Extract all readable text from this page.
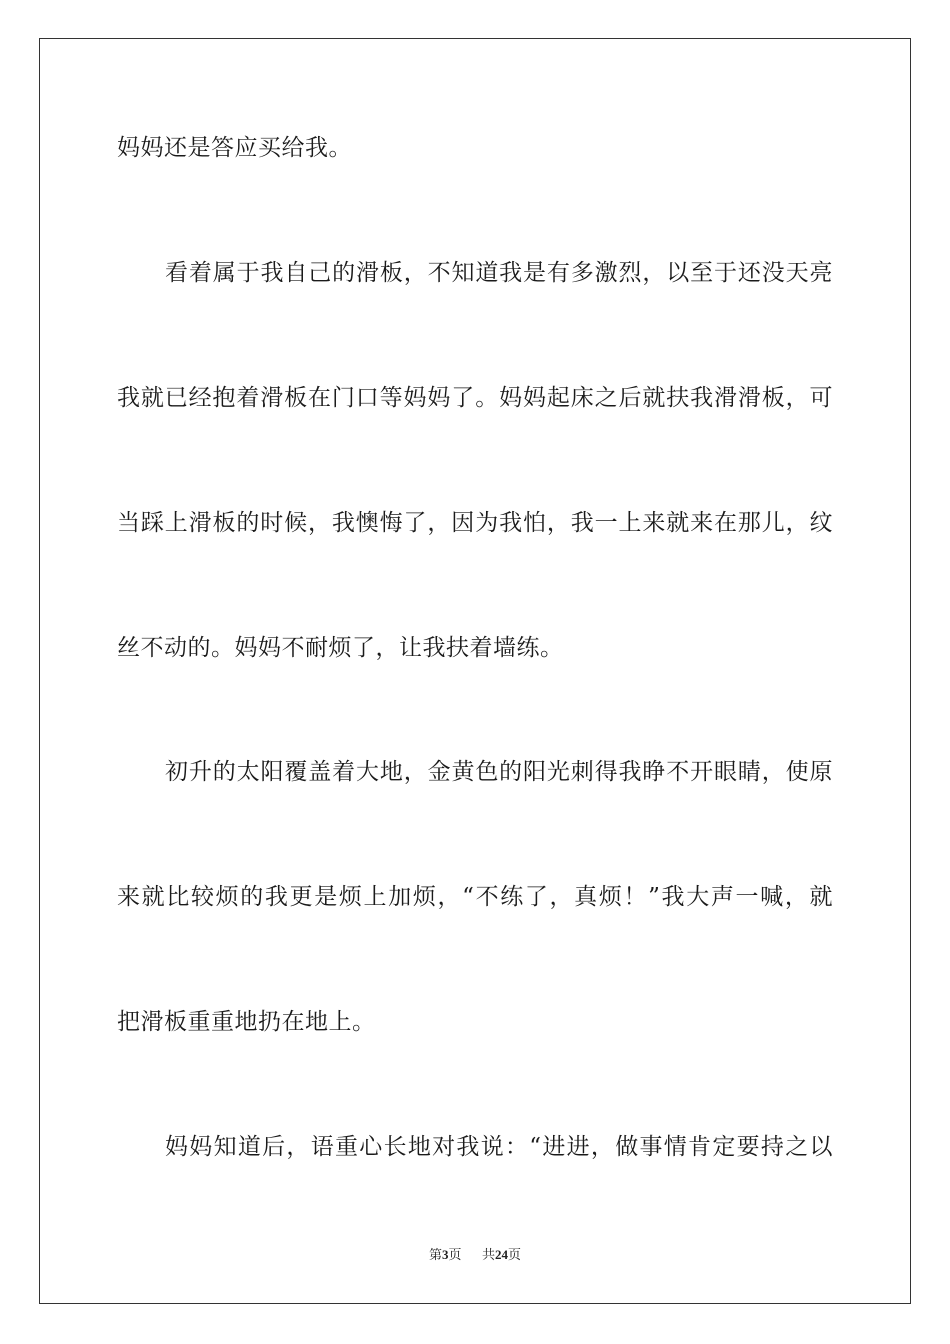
妈妈还是答应买给我。
看着属于我自己的滑板，不知道我是有多激烈，以至于还没天亮
我就已经抱着滑板在门口等妈妈了。妈妈起床之后就扶我滑滑板，可
当踩上滑板的时候，我懊悔了，因为我怕，我一上来就来在那儿，纹
丝不动的。妈妈不耐烦了，让我扶着墙练。
初升的太阳覆盖着大地，金黄色的阳光刺得我睁不开眼睛，使原
来就比较烦的我更是烦上加烦，“不练了，真烦！”我大声一喊，就
把滑板重重地扔在地上。
妈妈知道后，语重心长地对我说：“进进，做事情肯定要持之以
第3页 共24页
